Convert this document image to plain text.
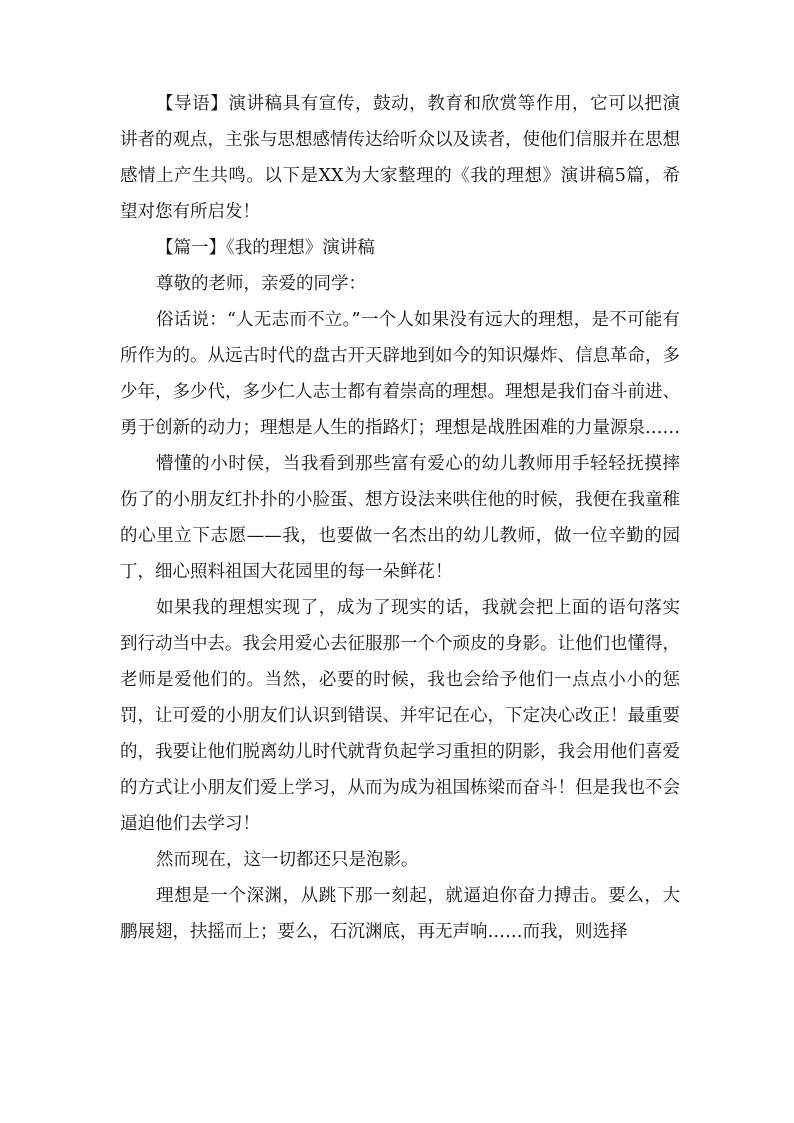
【导语】演讲稿具有宣传，鼓动，教育和欣赏等作用，它可以把演讲者的观点，主张与思想感情传达给听众以及读者，使他们信服并在思想感情上产生共鸣。以下是XX为大家整理的《我的理想》演讲稿5篇，希望对您有所启发！

【篇一】《我的理想》演讲稿

尊敬的老师，亲爱的同学：

俗话说：“人无志而不立。”一个人如果没有远大的理想，是不可能有所作为的。从远古时代的盘古开天辟地到如今的知识爆炸、信息革命，多少年，多少代，多少仁人志士都有着崇高的理想。理想是我们奋斗前进、勇于创新的动力；理想是人生的指路灯；理想是战胜困难的力量源泉……

懵懂的小时侯，当我看到那些富有爱心的幼儿教师用手轻轻抚摸摔伤了的小朋友红扑扑的小脸蛋、想方设法来哄住他的时候，我便在我童稚的心里立下志愿——我，也要做一名杰出的幼儿教师，做一位辛勤的园丁，细心照料祖国大花园里的每一朵鲜花！

如果我的理想实现了，成为了现实的话，我就会把上面的语句落实到行动当中去。我会用爱心去征服那一个个顽皮的身影。让他们也懂得，老师是爱他们的。当然，必要的时候，我也会给予他们一点点小小的惩罚，让可爱的小朋友们认识到错误、并牢记在心，下定决心改正！最重要的，我要让他们脱离幼儿时代就背负起学习重担的阴影，我会用他们喜爱的方式让小朋友们爱上学习，从而为成为祖国栋梁而奋斗！但是我也不会逼迫他们去学习！

然而现在，这一切都还只是泡影。

理想是一个深渊，从跳下那一刻起，就逼迫你奋力搏击。要么，大鹏展翅，扶摇而上；要么，石沉渊底，再无声响……而我，则选择
